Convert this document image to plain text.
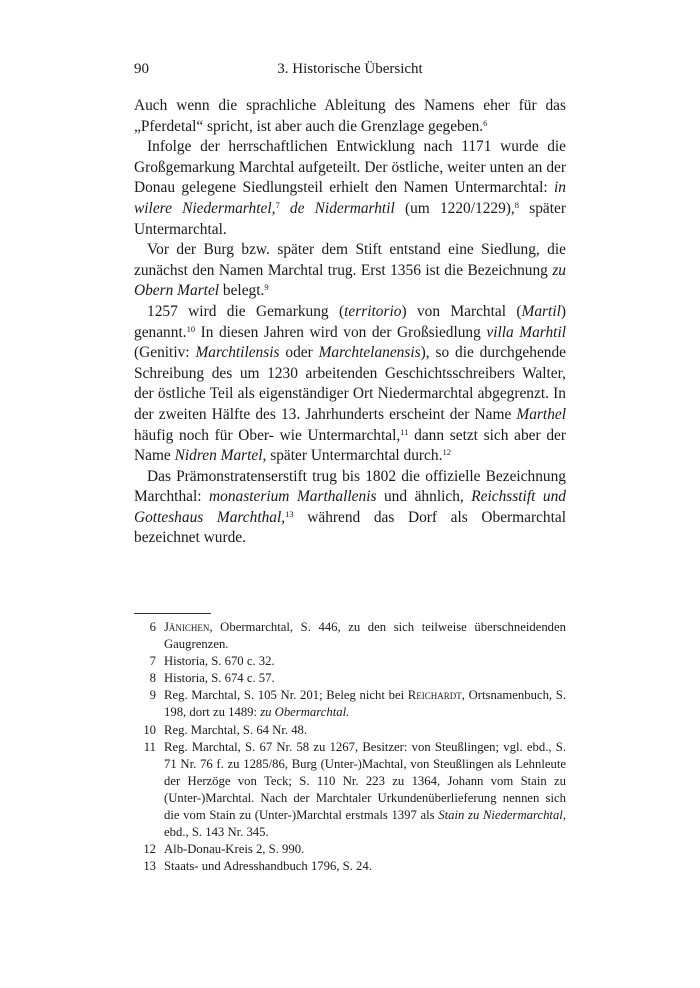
90	3. Historische Übersicht

Auch wenn die sprachliche Ableitung des Namens eher für das „Pferdetal“ spricht, ist aber auch die Grenzlage gegeben.$^6$

Infolge der herrschaftlichen Entwicklung nach 1171 wurde die Großgemarkung Marchtal aufgeteilt. Der östliche, weiter unten an der Donau gelegene Siedlungsteil erhielt den Namen Untermarchtal: in wilere Niedermarhtel,$^7$ de Nidermarhtil (um 1220/1229),$^8$ später Untermarchtal.

Vor der Burg bzw. später dem Stift entstand eine Siedlung, die zunächst den Namen Marchtal trug. Erst 1356 ist die Bezeichnung zu Obern Martel belegt.$^9$

1257 wird die Gemarkung (territorio) von Marchtal (Martil) genannt.$^{10}$ In diesen Jahren wird von der Großsiedlung villa Marhtil (Genitiv: Marchtilensis oder Marchtelanensis), so die durchgehende Schreibung des um 1230 arbeitenden Geschichtsschreibers Walter, der östliche Teil als eigenständiger Ort Niedermarchtal abgegrenzt. In der zweiten Hälfte des 13. Jahrhunderts erscheint der Name Marthel häufig noch für Ober- wie Untermarchtal,$^{11}$ dann setzt sich aber der Name Nidren Martel, später Untermarchtal durch.$^{12}$

Das Prämonstratenserstift trug bis 1802 die offizielle Bezeichnung Marchthal: monasterium Marthallenis und ähnlich, Reichsstift und Gotteshaus Marchthal,$^{13}$ während das Dorf als Obermarchtal bezeichnet wurde.

6 Jänichen, Obermarchtal, S. 446, zu den sich teilweise überschneidenden Gaugrenzen.
7 Historia, S. 670 c. 32.
8 Historia, S. 674 c. 57.
9 Reg. Marchtal, S. 105 Nr. 201; Beleg nicht bei Reichardt, Ortsnamenbuch, S. 198, dort zu 1489: zu Obermarchtal.
10 Reg. Marchtal, S. 64 Nr. 48.
11 Reg. Marchtal, S. 67 Nr. 58 zu 1267, Besitzer: von Steußlingen; vgl. ebd., S. 71 Nr. 76 f. zu 1285/86, Burg (Unter-)Machtal, von Steußlingen als Lehnleute der Herzöge von Teck; S. 110 Nr. 223 zu 1364, Johann vom Stain zu (Unter-)Marchtal. Nach der Marchtaler Urkundenüberlieferung nennen sich die vom Stain zu (Unter-)Marchtal erstmals 1397 als Stain zu Niedermarchtal, ebd., S. 143 Nr. 345.
12 Alb-Donau-Kreis 2, S. 990.
13 Staats- und Adresshandbuch 1796, S. 24.
